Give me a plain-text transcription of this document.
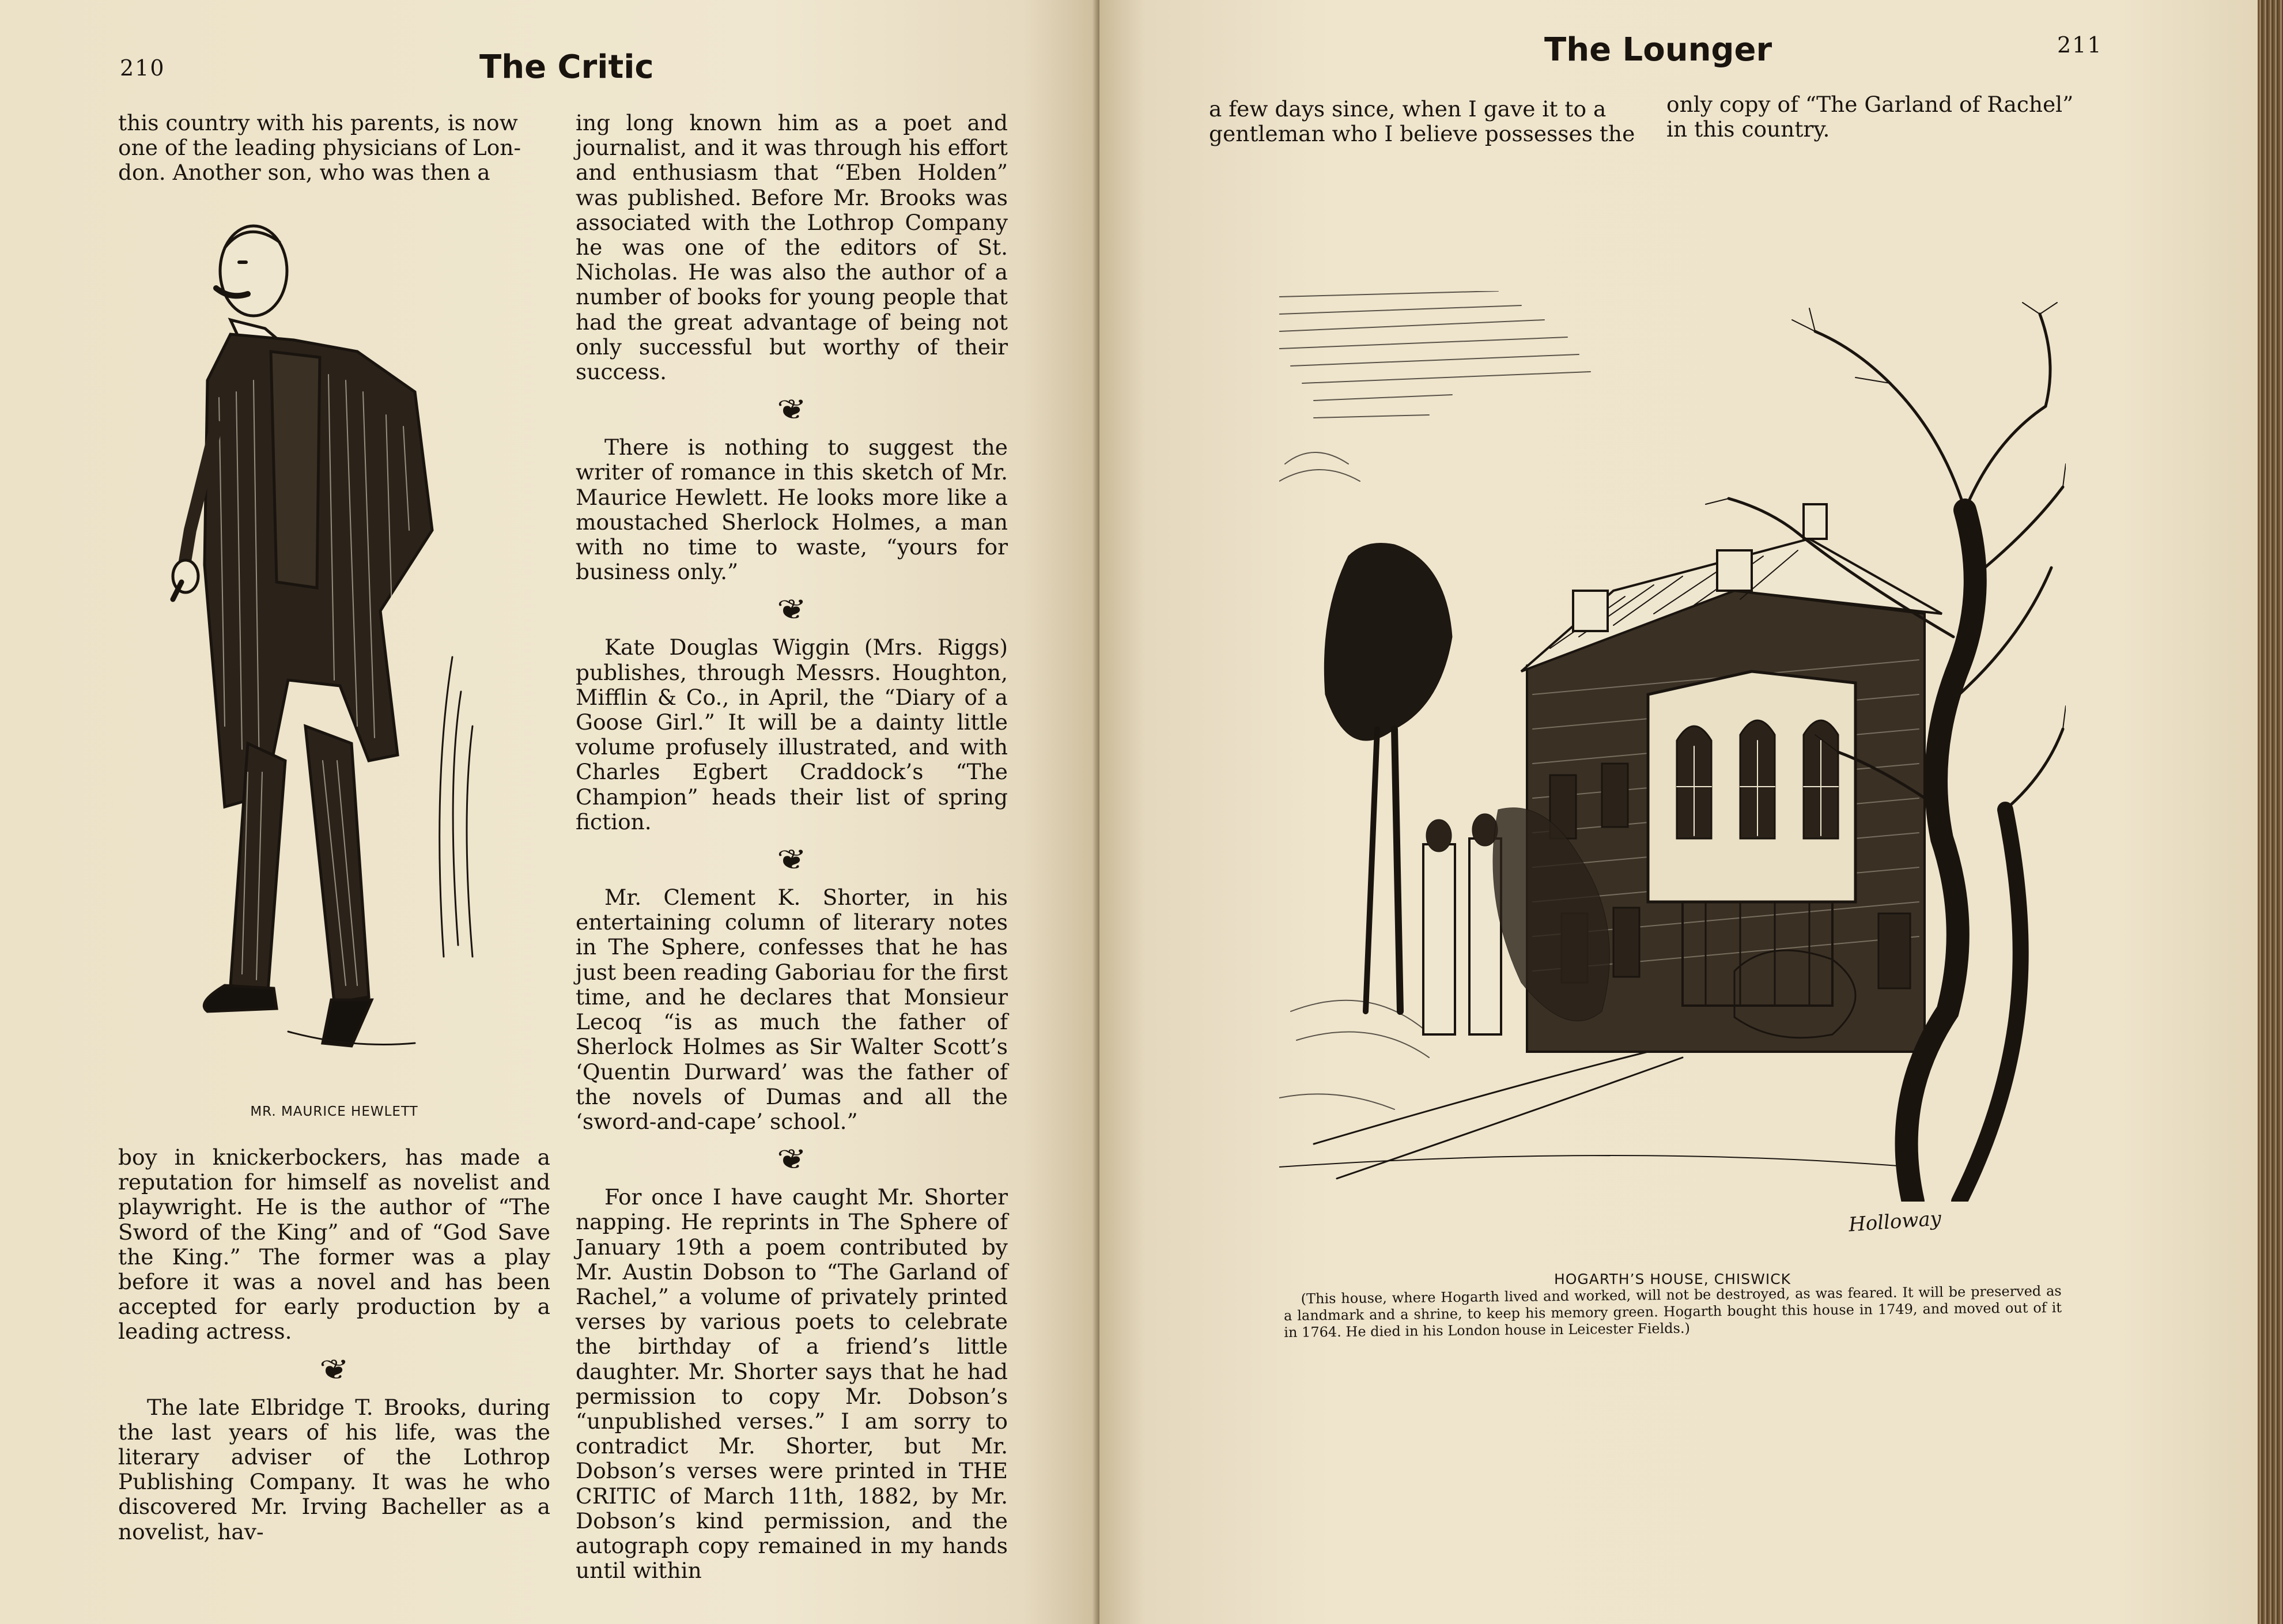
210	The Critic

this country with his parents, is now
one of the leading physicians of Lon-
don. Another son, who was then a

MR. MAURICE HEWLETT

boy in knickerbockers, has made a reputation for himself as novelist and playwright. He is the author of “The Sword of the King” and of “God Save the King.” The former was a play before it was a novel and has been accepted for early production by a leading actress.

❦

The late Elbridge T. Brooks, during the last years of his life, was the literary adviser of the Lothrop Publishing Company. It was he who discovered Mr. Irving Bacheller as a novelist, hav-

ing long known him as a poet and journalist, and it was through his effort and enthusiasm that “Eben Holden” was published. Before Mr. Brooks was associated with the Lothrop Company he was one of the editors of St. Nicholas. He was also the author of a number of books for young people that had the great advantage of being not only successful but worthy of their success.

❦

There is nothing to suggest the writer of romance in this sketch of Mr. Maurice Hewlett. He looks more like a moustached Sherlock Holmes, a man with no time to waste, “yours for business only.”

❦

Kate Douglas Wiggin (Mrs. Riggs) publishes, through Messrs. Houghton, Mifflin & Co., in April, the “Diary of a Goose Girl.” It will be a dainty little volume profusely illustrated, and with Charles Egbert Craddock’s “The Champion” heads their list of spring fiction.

❦

Mr. Clement K. Shorter, in his entertaining column of literary notes in The Sphere, confesses that he has just been reading Gaboriau for the first time, and he declares that Monsieur Lecoq “is as much the father of Sherlock Holmes as Sir Walter Scott’s ‘Quentin Durward’ was the father of the novels of Dumas and all the ‘sword-and-cape’ school.”

❦

For once I have caught Mr. Shorter napping. He reprints in The Sphere of January 19th a poem contributed by Mr. Austin Dobson to “The Garland of Rachel,” a volume of privately printed verses by various poets to celebrate the birthday of a friend’s little daughter. Mr. Shorter says that he had permission to copy Mr. Dobson’s “unpublished verses.” I am sorry to contradict Mr. Shorter, but Mr. Dobson’s verses were printed in THE CRITIC of March 11th, 1882, by Mr. Dobson’s kind permission, and the autograph copy remained in my hands until within

The Lounger	211

a few days since, when I gave it to a
gentleman who I believe possesses the

only copy of “The Garland of Rachel”
in this country.

Holloway
HOGARTH’S HOUSE, CHISWICK
(This house, where Hogarth lived and worked, will not be destroyed, as was feared. It will be preserved as a landmark and a shrine, to keep his memory green. Hogarth bought this house in 1749, and moved out of it in 1764. He died in his London house in Leicester Fields.)
